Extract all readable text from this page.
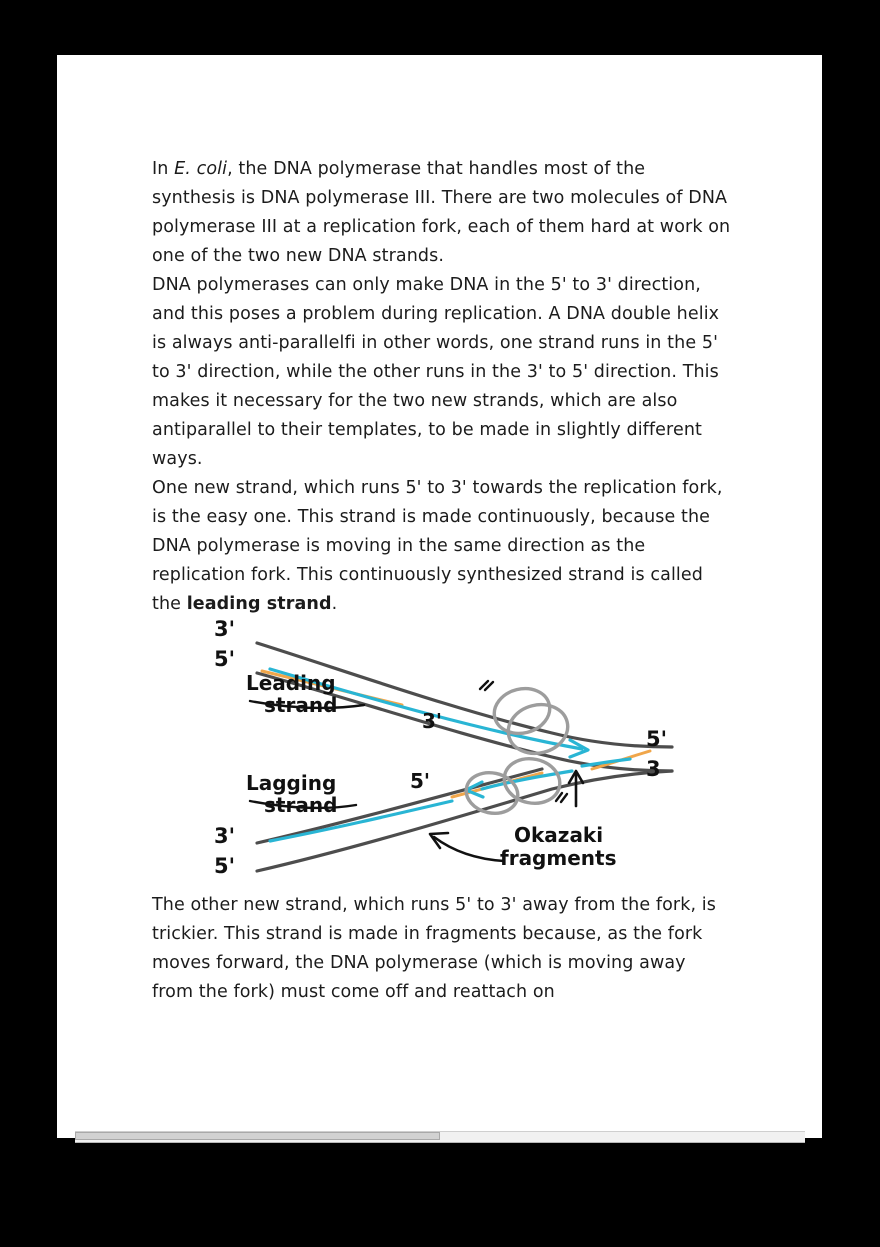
In E. coli, the DNA polymerase that handles most of the synthesis is DNA polymerase III. There are two molecules of DNA polymerase III at a replication fork, each of them hard at work on one of the two new DNA strands.

DNA polymerases can only make DNA in the 5' to 3' direction, and this poses a problem during replication. A DNA double helix is always anti-parallelfi in other words, one strand runs in the 5' to 3' direction, while the other runs in the 3' to 5' direction. This makes it necessary for the two new strands, which are also antiparallel to their templates, to be made in slightly different ways.

One new strand, which runs 5' to 3' towards the replication fork, is the easy one. This strand is made continuously, because the DNA polymerase is moving in the same direction as the replication fork. This continuously synthesized strand is called the leading strand.

3'
5'
Leading
strand
3'
Lagging
strand
5'
5'
3
3'
5'
Okazaki
fragments

The other new strand, which runs 5' to 3' away from the fork, is trickier. This strand is made in fragments because, as the fork moves forward, the DNA polymerase (which is moving away from the fork) must come off and reattach on
